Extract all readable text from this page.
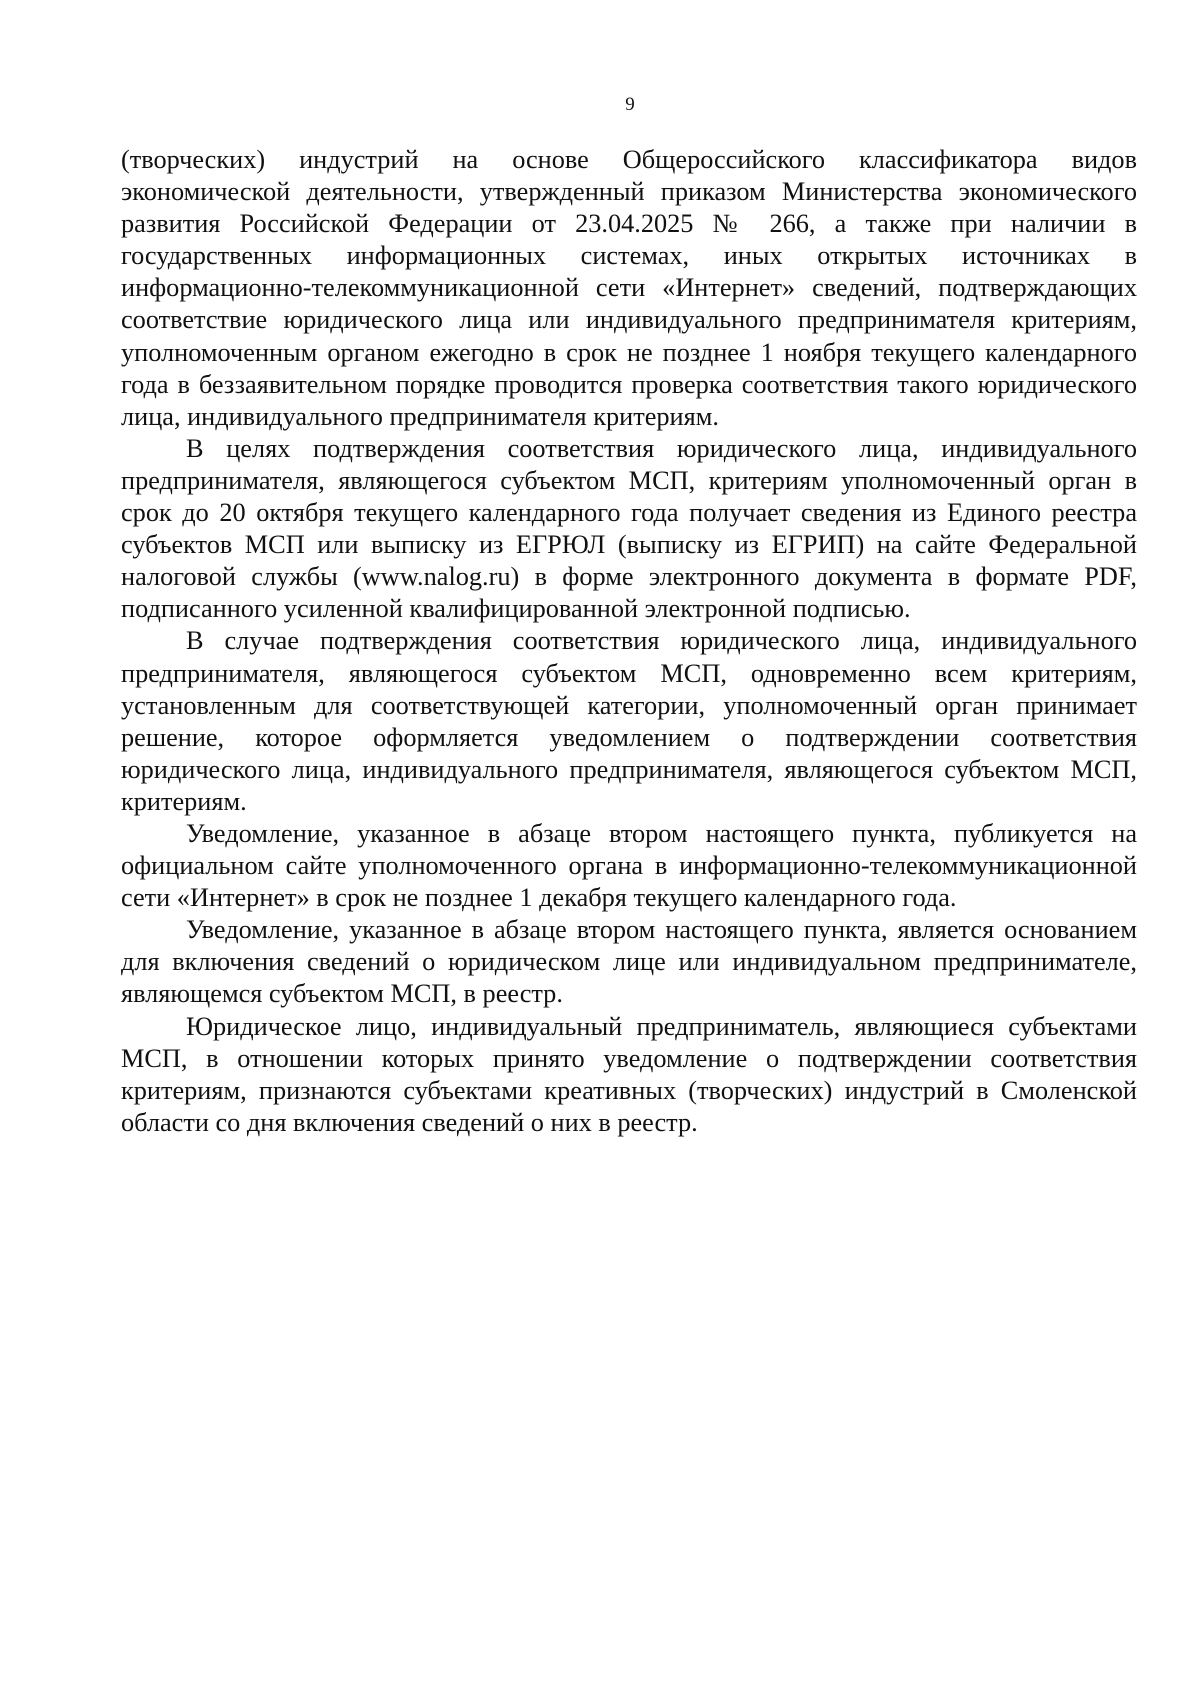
9

(творческих) индустрий на основе Общероссийского классификатора видов экономической деятельности, утвержденный приказом Министерства экономического развития Российской Федерации от 23.04.2025 № 266, а также при наличии в государственных информационных системах, иных открытых источниках в информационно-телекоммуникационной сети «Интернет» сведений, подтверждающих соответствие юридического лица или индивидуального предпринимателя критериям, уполномоченным органом ежегодно в срок не позднее 1 ноября текущего календарного года в беззаявительном порядке проводится проверка соответствия такого юридического лица, индивидуального предпринимателя критериям.

В целях подтверждения соответствия юридического лица, индивидуального предпринимателя, являющегося субъектом МСП, критериям уполномоченный орган в срок до 20 октября текущего календарного года получает сведения из Единого реестра субъектов МСП или выписку из ЕГРЮЛ (выписку из ЕГРИП) на сайте Федеральной налоговой службы (www.nalog.ru) в форме электронного документа в формате PDF, подписанного усиленной квалифицированной электронной подписью.

В случае подтверждения соответствия юридического лица, индивидуального предпринимателя, являющегося субъектом МСП, одновременно всем критериям, установленным для соответствующей категории, уполномоченный орган принимает решение, которое оформляется уведомлением о подтверждении соответствия юридического лица, индивидуального предпринимателя, являющегося субъектом МСП, критериям.

Уведомление, указанное в абзаце втором настоящего пункта, публикуется на официальном сайте уполномоченного органа в информационно-телекоммуникационной сети «Интернет» в срок не позднее 1 декабря текущего календарного года.

Уведомление, указанное в абзаце втором настоящего пункта, является основанием для включения сведений о юридическом лице или индивидуальном предпринимателе, являющемся субъектом МСП, в реестр.

Юридическое лицо, индивидуальный предприниматель, являющиеся субъектами МСП, в отношении которых принято уведомление о подтверждении соответствия критериям, признаются субъектами креативных (творческих) индустрий в Смоленской области со дня включения сведений о них в реестр.
